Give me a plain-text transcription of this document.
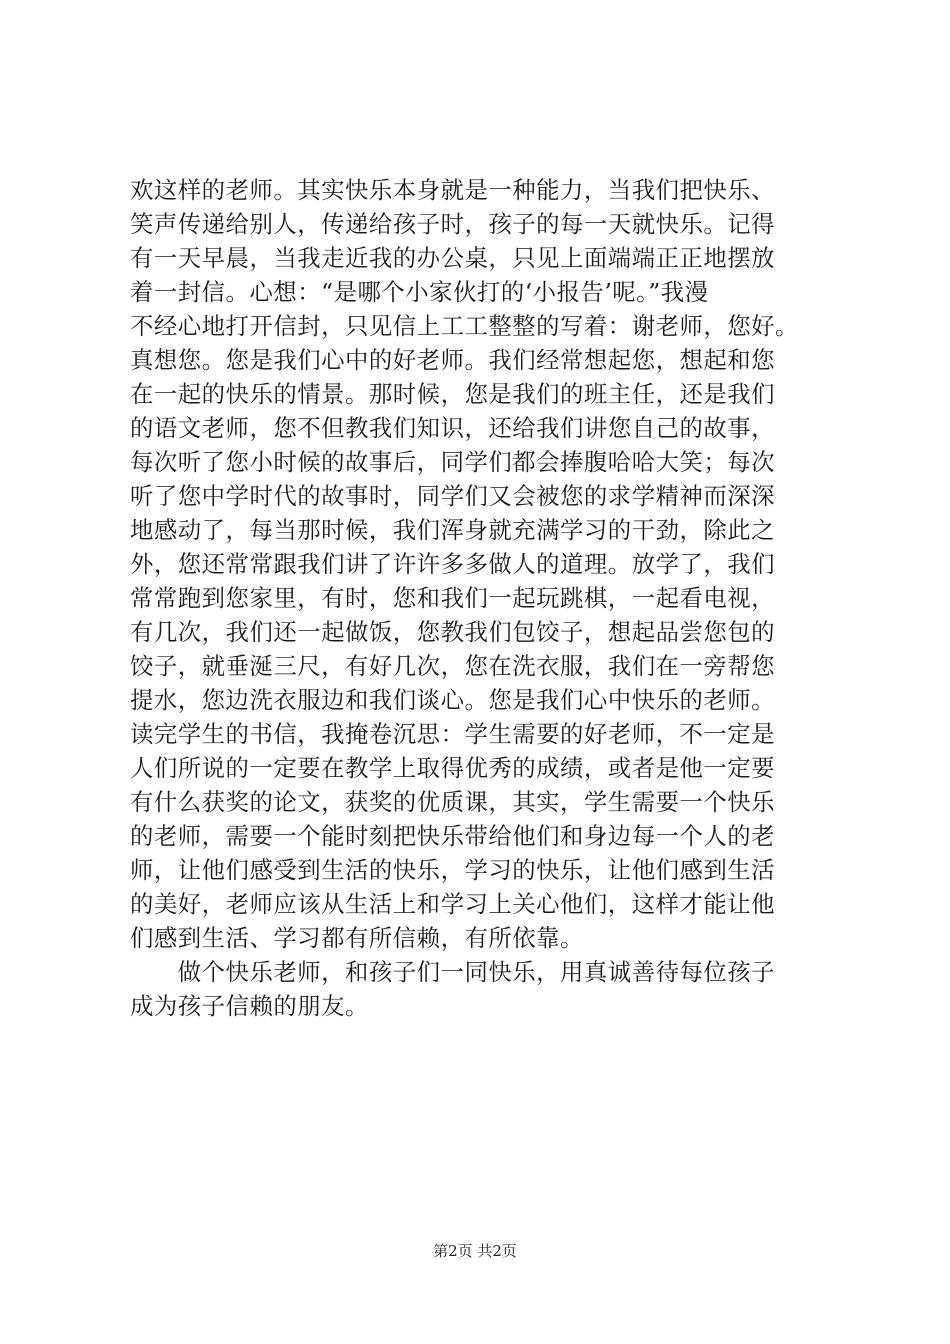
欢这样的老师。其实快乐本身就是一种能力，当我们把快乐、
笑声传递给别人，传递给孩子时，孩子的每一天就快乐。记得
有一天早晨，当我走近我的办公桌，只见上面端端正正地摆放
着一封信。心想：“是哪个小家伙打的‘小报告’呢。”我漫
不经心地打开信封，只见信上工工整整的写着：谢老师，您好。
真想您。您是我们心中的好老师。我们经常想起您，想起和您
在一起的快乐的情景。那时候，您是我们的班主任，还是我们
的语文老师，您不但教我们知识，还给我们讲您自己的故事，
每次听了您小时候的故事后，同学们都会捧腹哈哈大笑；每次
听了您中学时代的故事时，同学们又会被您的求学精神而深深
地感动了，每当那时候，我们浑身就充满学习的干劲，除此之
外，您还常常跟我们讲了许许多多做人的道理。放学了，我们
常常跑到您家里，有时，您和我们一起玩跳棋，一起看电视，
有几次，我们还一起做饭，您教我们包饺子，想起品尝您包的
饺子，就垂涎三尺，有好几次，您在洗衣服，我们在一旁帮您
提水，您边洗衣服边和我们谈心。您是我们心中快乐的老师。
读完学生的书信，我掩卷沉思：学生需要的好老师，不一定是
人们所说的一定要在教学上取得优秀的成绩，或者是他一定要
有什么获奖的论文，获奖的优质课，其实，学生需要一个快乐
的老师，需要一个能时刻把快乐带给他们和身边每一个人的老
师，让他们感受到生活的快乐，学习的快乐，让他们感到生活
的美好，老师应该从生活上和学习上关心他们，这样才能让他
们感到生活、学习都有所信赖，有所依靠。
　　做个快乐老师，和孩子们一同快乐，用真诚善待每位孩子
成为孩子信赖的朋友。
第2页 共2页
